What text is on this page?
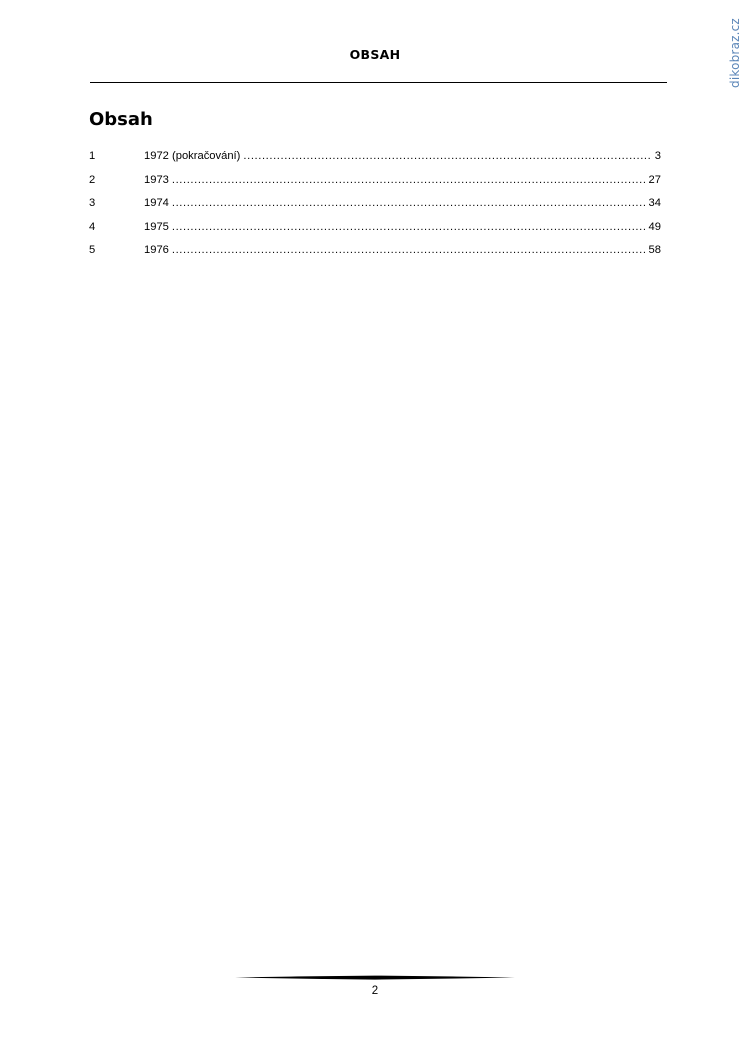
dikobraz.cz
OBSAH
Obsah
1	1972 (pokračování) .....	3
2	1973 .....	27
3	1974 .....	34
4	1975 .....	49
5	1976 .....	58
2
